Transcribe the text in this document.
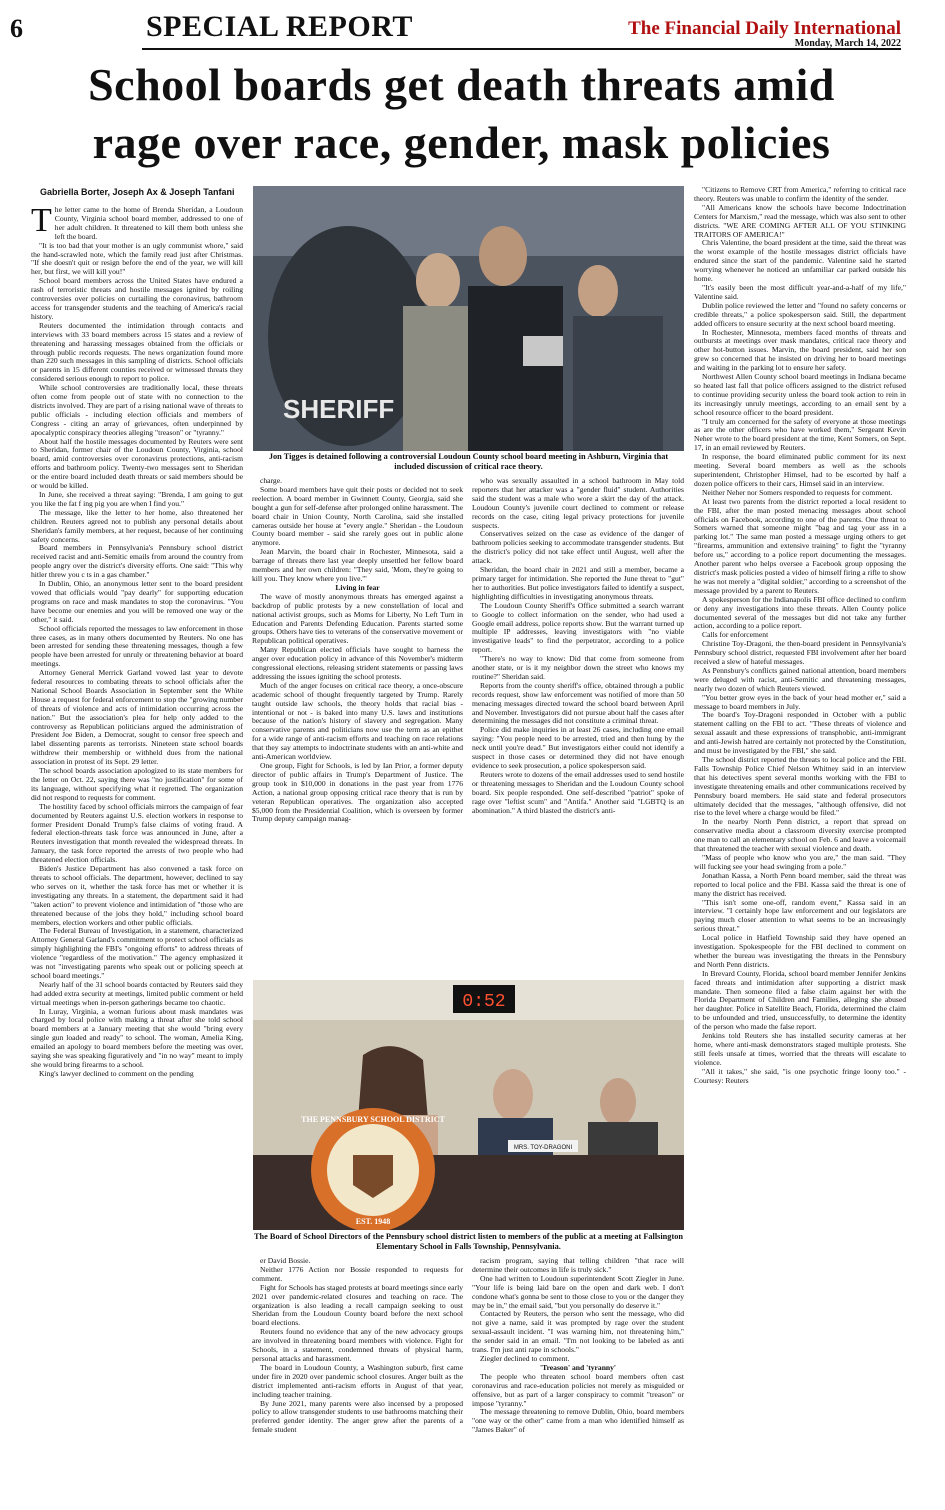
6	SPECIAL REPORT	The Financial Daily International
Monday, March 14, 2022
School boards get death threats amid
rage over race, gender, mask policies
Gabriella Borter, Joseph Ax & Joseph Tanfani

The letter came to the home of Brenda Sheridan, a Loudoun County, Virginia school board member, addressed to one of her adult children. It threatened to kill them both unless she left the board.

"It is too bad that your mother is an ugly communist whore," said the hand-scrawled note, which the family read just after Christmas. "If she doesn't quit or resign before the end of the year, we will kill her, but first, we will kill you!"

School board members across the United States have endured a rash of terroristic threats and hostile messages ignited by roiling controversies over policies on curtailing the coronavirus, bathroom access for transgender students and the teaching of America's racial history.

Reuters documented the intimidation through contacts and interviews with 33 board members across 15 states and a review of threatening and harassing messages obtained from the officials or through public records requests. The news organization found more than 220 such messages in this sampling of districts. School officials or parents in 15 different counties received or witnessed threats they considered serious enough to report to police.

While school controversies are traditionally local, these threats often come from people out of state with no connection to the districts involved. They are part of a rising national wave of threats to public officials - including election officials and members of Congress - citing an array of grievances, often underpinned by apocalyptic conspiracy theories alleging "treason" or "tyranny."

About half the hostile messages documented by Reuters were sent to Sheridan, former chair of the Loudoun County, Virginia, school board, amid controversies over coronavirus protections, anti-racism efforts and bathroom policy. Twenty-two messages sent to Sheridan or the entire board included death threats or said members should be or would be killed.

In June, she received a threat saying: "Brenda, I am going to gut you like the fat f ing pig you are when I find you."

The message, like the letter to her home, also threatened her children. Reuters agreed not to publish any personal details about Sheridan's family members, at her request, because of her continuing safety concerns.

Board members in Pennsylvania's Pennsbury school district received racist and anti-Semitic emails from around the country from people angry over the district's diversity efforts. One said: "This why hitler threw you c ts in a gas chamber."

In Dublin, Ohio, an anonymous letter sent to the board president vowed that officials would "pay dearly" for supporting education programs on race and mask mandates to stop the coronavirus. "You have become our enemies and you will be removed one way or the other," it said.

School officials reported the messages to law enforcement in those three cases, as in many others documented by Reuters. No one has been arrested for sending these threatening messages, though a few people have been arrested for unruly or threatening behavior at board meetings.

Attorney General Merrick Garland vowed last year to devote federal resources to combating threats to school officials after the National School Boards Association in September sent the White House a request for federal enforcement to stop the "growing number of threats of violence and acts of intimidation occurring across the nation." But the association's plea for help only added to the controversy as Republican politicians argued the administration of President Joe Biden, a Democrat, sought to censor free speech and label dissenting parents as terrorists. Nineteen state school boards withdrew their membership or withheld dues from the national association in protest of its Sept. 29 letter.

The school boards association apologized to its state members for the letter on Oct. 22, saying there was "no justification" for some of its language, without specifying what it regretted. The organization did not respond to requests for comment.

The hostility faced by school officials mirrors the campaign of fear documented by Reuters against U.S. election workers in response to former President Donald Trump's false claims of voting fraud. A federal election-threats task force was announced in June, after a Reuters investigation that month revealed the widespread threats. In January, the task force reported the arrests of two people who had threatened election officials.

Biden's Justice Department has also convened a task force on threats to school officials. The department, however, declined to say who serves on it, whether the task force has met or whether it is investigating any threats. In a statement, the department said it had "taken action" to prevent violence and intimidation of "those who are threatened because of the jobs they hold," including school board members, election workers and other public officials.

The Federal Bureau of Investigation, in a statement, characterized Attorney General Garland's commitment to protect school officials as simply highlighting the FBI's "ongoing efforts" to address threats of violence "regardless of the motivation." The agency emphasized it was not "investigating parents who speak out or policing speech at school board meetings."

Nearly half of the 31 school boards contacted by Reuters said they had added extra security at meetings, limited public comment or held virtual meetings when in-person gatherings became too chaotic.

In Luray, Virginia, a woman furious about mask mandates was charged by local police with making a threat after she told school board members at a January meeting that she would "bring every single gun loaded and ready" to school. The woman, Amelia King, emailed an apology to board members before the meeting was over, saying she was speaking figuratively and "in no way" meant to imply she would bring firearms to a school.

King's lawyer declined to comment on the pending

SHERIFF
Jon Tigges is detained following a controversial Loudoun County school board meeting in Ashburn, Virginia that included discussion of critical race theory.

charge.

Some board members have quit their posts or decided not to seek reelection. A board member in Gwinnett County, Georgia, said she bought a gun for self-defense after prolonged online harassment. The board chair in Union County, North Carolina, said she installed cameras outside her house at "every angle." Sheridan - the Loudoun County board member - said she rarely goes out in public alone anymore.

Jean Marvin, the board chair in Rochester, Minnesota, said a barrage of threats there last year deeply unsettled her fellow board members and her own children: "They said, 'Mom, they're going to kill you. They know where you live.'"

Living in fear

The wave of mostly anonymous threats has emerged against a backdrop of public protests by a new constellation of local and national activist groups, such as Moms for Liberty, No Left Turn in Education and Parents Defending Education. Parents started some groups. Others have ties to veterans of the conservative movement or Republican political operatives.

Many Republican elected officials have sought to harness the anger over education policy in advance of this November's midterm congressional elections, releasing strident statements or passing laws addressing the issues igniting the school protests.

Much of the anger focuses on critical race theory, a once-obscure academic school of thought frequently targeted by Trump. Rarely taught outside law schools, the theory holds that racial bias - intentional or not - is baked into many U.S. laws and institutions because of the nation's history of slavery and segregation. Many conservative parents and politicians now use the term as an epithet for a wide range of anti-racism efforts and teaching on race relations that they say attempts to indoctrinate students with an anti-white and anti-American worldview.

One group, Fight for Schools, is led by Ian Prior, a former deputy director of public affairs in Trump's Department of Justice. The group took in $10,000 in donations in the past year from 1776 Action, a national group opposing critical race theory that is run by veteran Republican operatives. The organization also accepted $5,000 from the Presidential Coalition, which is overseen by former Trump deputy campaign manag-

who was sexually assaulted in a school bathroom in May told reporters that her attacker was a "gender fluid" student. Authorities said the student was a male who wore a skirt the day of the attack. Loudoun County's juvenile court declined to comment or release records on the case, citing legal privacy protections for juvenile suspects.

Conservatives seized on the case as evidence of the danger of bathroom policies seeking to accommodate transgender students. But the district's policy did not take effect until August, well after the attack.

Sheridan, the board chair in 2021 and still a member, became a primary target for intimidation. She reported the June threat to "gut" her to authorities. But police investigators failed to identify a suspect, highlighting difficulties in investigating anonymous threats.

The Loudoun County Sheriff's Office submitted a search warrant to Google to collect information on the sender, who had used a Google email address, police reports show. But the warrant turned up multiple IP addresses, leaving investigators with "no viable investigative leads" to find the perpetrator, according to a police report.

"There's no way to know: Did that come from someone from another state, or is it my neighbor down the street who knows my routine?" Sheridan said.

Reports from the county sheriff's office, obtained through a public records request, show law enforcement was notified of more than 50 menacing messages directed toward the school board between April and November. Investigators did not pursue about half the cases after determining the messages did not constitute a criminal threat.

Police did make inquiries in at least 26 cases, including one email saying: "You people need to be arrested, tried and then hung by the neck until you're dead." But investigators either could not identify a suspect in those cases or determined they did not have enough evidence to seek prosecution, a police spokesperson said.

Reuters wrote to dozens of the email addresses used to send hostile or threatening messages to Sheridan and the Loudoun County school board. Six people responded. One self-described "patriot" spoke of rage over "leftist scum" and "Antifa." Another said "LGBTQ is an abomination." A third blasted the district's anti-

0:52
MRS. TOY-DRAGONI
THE PENNSBURY SCHOOL DISTRICT
EST. 1948
The Board of School Directors of the Pennsbury school district listen to members of the public at a meeting at Fallsington Elementary School in Falls Township, Pennsylvania.

er David Bossie.

Neither 1776 Action nor Bossie responded to requests for comment.

Fight for Schools has staged protests at board meetings since early 2021 over pandemic-related closures and teaching on race. The organization is also leading a recall campaign seeking to oust Sheridan from the Loudoun County board before the next school board elections.

Reuters found no evidence that any of the new advocacy groups are involved in threatening board members with violence. Fight for Schools, in a statement, condemned threats of physical harm, personal attacks and harassment.

The board in Loudoun County, a Washington suburb, first came under fire in 2020 over pandemic school closures. Anger built as the district implemented anti-racism efforts in August of that year, including teacher training.

By June 2021, many parents were also incensed by a proposed policy to allow transgender students to use bathrooms matching their preferred gender identity. The anger grew after the parents of a female student

racism program, saying that telling children "that race will determine their outcomes in life is truly sick."

One had written to Loudoun superintendent Scott Ziegler in June. "Your life is being laid bare on the open and dark web. I don't condone what's gonna be sent to those close to you or the danger they may be in," the email said, "but you personally do deserve it."

Contacted by Reuters, the person who sent the message, who did not give a name, said it was prompted by rage over the student sexual-assault incident. "I was warning him, not threatening him," the sender said in an email. "I'm not looking to be labeled as anti trans. I'm just anti rape in schools."

Ziegler declined to comment.

'Treason' and 'tyranny'

The people who threaten school board members often cast coronavirus and race-education policies not merely as misguided or offensive, but as part of a larger conspiracy to commit "treason" or impose "tyranny."

The message threatening to remove Dublin, Ohio, board members "one way or the other" came from a man who identified himself as "James Baker" of

"Citizens to Remove CRT from America," referring to critical race theory. Reuters was unable to confirm the identity of the sender.

"All Americans know the schools have become Indoctrination Centers for Marxism," read the message, which was also sent to other districts. "WE ARE COMING AFTER ALL OF YOU STINKING TRAITORS OF AMERICA!"

Chris Valentine, the board president at the time, said the threat was the worst example of the hostile messages district officials have endured since the start of the pandemic. Valentine said he started worrying whenever he noticed an unfamiliar car parked outside his home.

"It's easily been the most difficult year-and-a-half of my life," Valentine said.

Dublin police reviewed the letter and "found no safety concerns or credible threats," a police spokesperson said. Still, the department added officers to ensure security at the next school board meeting.

In Rochester, Minnesota, members faced months of threats and outbursts at meetings over mask mandates, critical race theory and other hot-button issues. Marvin, the board president, said her son grew so concerned that he insisted on driving her to board meetings and waiting in the parking lot to ensure her safety.

Northwest Allen County school board meetings in Indiana became so heated last fall that police officers assigned to the district refused to continue providing security unless the board took action to rein in its increasingly unruly meetings, according to an email sent by a school resource officer to the board president.

"I truly am concerned for the safety of everyone at those meetings as are the other officers who have worked them," Sergeant Kevin Neher wrote to the board president at the time, Kent Somers, on Sept. 17, in an email reviewed by Reuters.

In response, the board eliminated public comment for its next meeting. Several board members as well as the schools superintendent, Christopher Himsel, had to be escorted by half a dozen police officers to their cars, Himsel said in an interview.

Neither Neher nor Somers responded to requests for comment.

At least two parents from the district reported a local resident to the FBI, after the man posted menacing messages about school officials on Facebook, according to one of the parents. One threat to Somers warned that someone might "bag and tag your ass in a parking lot." The same man posted a message urging others to get "firearms, ammunition and extensive training" to fight the "tyranny before us," according to a police report documenting the messages. Another parent who helps oversee a Facebook group opposing the district's mask policies posted a video of himself firing a rifle to show he was not merely a "digital soldier," according to a screenshot of the message provided by a parent to Reuters.

A spokesperson for the Indianapolis FBI office declined to confirm or deny any investigations into these threats. Allen County police documented several of the messages but did not take any further action, according to a police report.

Calls for enforcement

Christine Toy-Dragoni, the then-board president in Pennsylvania's Pennsbury school district, requested FBI involvement after her board received a slew of hateful messages.

As Pennsbury's conflicts gained national attention, board members were deluged with racist, anti-Semitic and threatening messages, nearly two dozen of which Reuters viewed.

"You better grow eyes in the back of your head mother er," said a message to board members in July.

The board's Toy-Dragoni responded in October with a public statement calling on the FBI to act. "These threats of violence and sexual assault and these expressions of transphobic, anti-immigrant and anti-Jewish hatred are certainly not protected by the Constitution, and must be investigated by the FBI," she said.

The school district reported the threats to local police and the FBI. Falls Township Police Chief Nelson Whitney said in an interview that his detectives spent several months working with the FBI to investigate threatening emails and other communications received by Pennsbury board members. He said state and federal prosecutors ultimately decided that the messages, "although offensive, did not rise to the level where a charge would be filed."

In the nearby North Penn district, a report that spread on conservative media about a classroom diversity exercise prompted one man to call an elementary school on Feb. 6 and leave a voicemail that threatened the teacher with sexual violence and death.

"Mass of people who know who you are," the man said. "They will fucking see your head swinging from a pole."

Jonathan Kassa, a North Penn board member, said the threat was reported to local police and the FBI. Kassa said the threat is one of many the district has received.

"This isn't some one-off, random event," Kassa said in an interview. "I certainly hope law enforcement and our legislators are paying much closer attention to what seems to be an increasingly serious threat."

Local police in Hatfield Township said they have opened an investigation. Spokespeople for the FBI declined to comment on whether the bureau was investigating the threats in the Pennsbury and North Penn districts.

In Brevard County, Florida, school board member Jennifer Jenkins faced threats and intimidation after supporting a district mask mandate. Then someone filed a false claim against her with the Florida Department of Children and Families, alleging she abused her daughter. Police in Satellite Beach, Florida, determined the claim to be unfounded and tried, unsuccessfully, to determine the identity of the person who made the false report.

Jenkins told Reuters she has installed security cameras at her home, where anti-mask demonstrators staged multiple protests. She still feels unsafe at times, worried that the threats will escalate to violence.

"All it takes," she said, "is one psychotic fringe loony too." -Courtesy: Reuters
